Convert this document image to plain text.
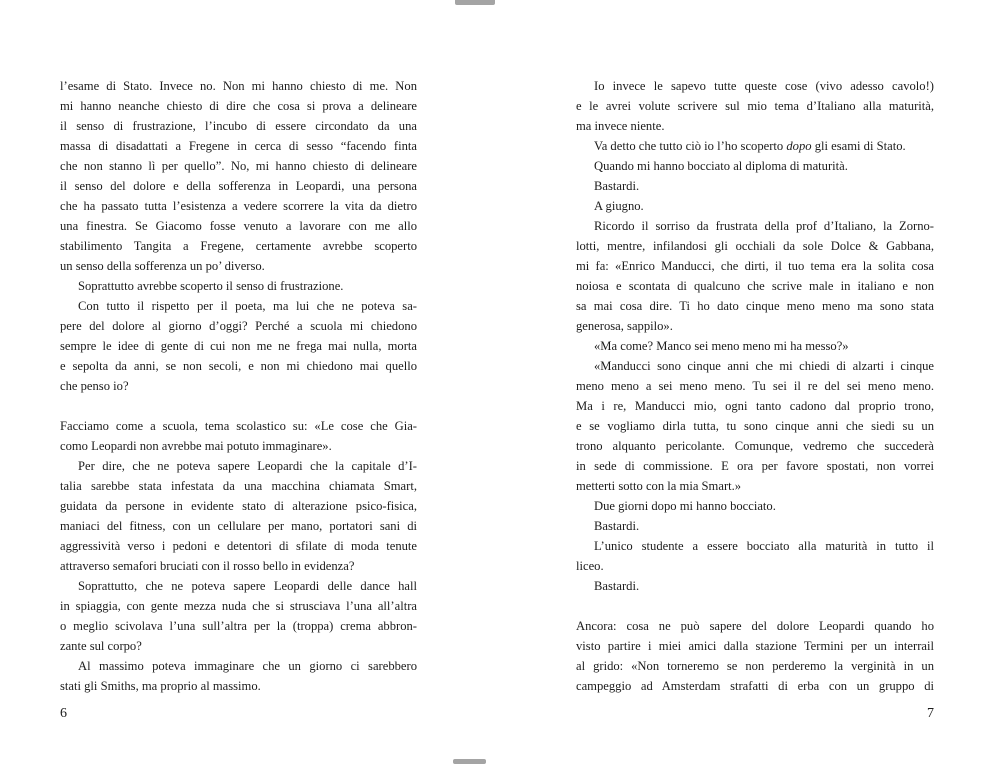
l’esame di Stato. Invece no. Non mi hanno chiesto di me. Non
mi hanno neanche chiesto di dire che cosa si prova a delineare
il senso di frustrazione, l’incubo di essere circondato da una
massa di disadattati a Fregene in cerca di sesso “facendo finta
che non stanno lì per quello”. No, mi hanno chiesto di delineare
il senso del dolore e della sofferenza in Leopardi, una persona
che ha passato tutta l’esistenza a vedere scorrere la vita da dietro
una finestra. Se Giacomo fosse venuto a lavorare con me allo
stabilimento Tangita a Fregene, certamente avrebbe scoperto
un senso della sofferenza un po’ diverso.
Soprattutto avrebbe scoperto il senso di frustrazione.
Con tutto il rispetto per il poeta, ma lui che ne poteva sa-
pere del dolore al giorno d’oggi? Perché a scuola mi chiedono
sempre le idee di gente di cui non me ne frega mai nulla, morta
e sepolta da anni, se non secoli, e non mi chiedono mai quello
che penso io?
Facciamo come a scuola, tema scolastico su: «Le cose che Gia-
como Leopardi non avrebbe mai potuto immaginare».
Per dire, che ne poteva sapere Leopardi che la capitale d’I-
talia sarebbe stata infestata da una macchina chiamata Smart,
guidata da persone in evidente stato di alterazione psico-fisica,
maniaci del fitness, con un cellulare per mano, portatori sani di
aggressività verso i pedoni e detentori di sfilate di moda tenute
attraverso semafori bruciati con il rosso bello in evidenza?
Soprattutto, che ne poteva sapere Leopardi delle dance hall
in spiaggia, con gente mezza nuda che si strusciava l’una all’altra
o meglio scivolava l’una sull’altra per la (troppa) crema abbron-
zante sul corpo?
Al massimo poteva immaginare che un giorno ci sarebbero
stati gli Smiths, ma proprio al massimo.
6
Io invece le sapevo tutte queste cose (vivo adesso cavolo!)
e le avrei volute scrivere sul mio tema d’Italiano alla maturità,
ma invece niente.
Va detto che tutto ciò io l’ho scoperto dopo gli esami di Stato.
Quando mi hanno bocciato al diploma di maturità.
Bastardi.
A giugno.
Ricordo il sorriso da frustrata della prof d’Italiano, la Zorno-
lotti, mentre, infilandosi gli occhiali da sole Dolce & Gabbana,
mi fa: «Enrico Manducci, che dirti, il tuo tema era la solita cosa
noiosa e scontata di qualcuno che scrive male in italiano e non
sa mai cosa dire. Ti ho dato cinque meno meno ma sono stata
generosa, sappilo».
«Ma come? Manco sei meno meno mi ha messo?»
«Manducci sono cinque anni che mi chiedi di alzarti i cinque
meno meno a sei meno meno. Tu sei il re del sei meno meno.
Ma i re, Manducci mio, ogni tanto cadono dal proprio trono,
e se vogliamo dirla tutta, tu sono cinque anni che siedi su un
trono alquanto pericolante. Comunque, vedremo che succederà
in sede di commissione. E ora per favore spostati, non vorrei
metterti sotto con la mia Smart.»
Due giorni dopo mi hanno bocciato.
Bastardi.
L’unico studente a essere bocciato alla maturità in tutto il
liceo.
Bastardi.
Ancora: cosa ne può sapere del dolore Leopardi quando ho
visto partire i miei amici dalla stazione Termini per un interrail
al grido: «Non torneremo se non perderemo la verginità in un
campeggio ad Amsterdam strafatti di erba con un gruppo di
7
